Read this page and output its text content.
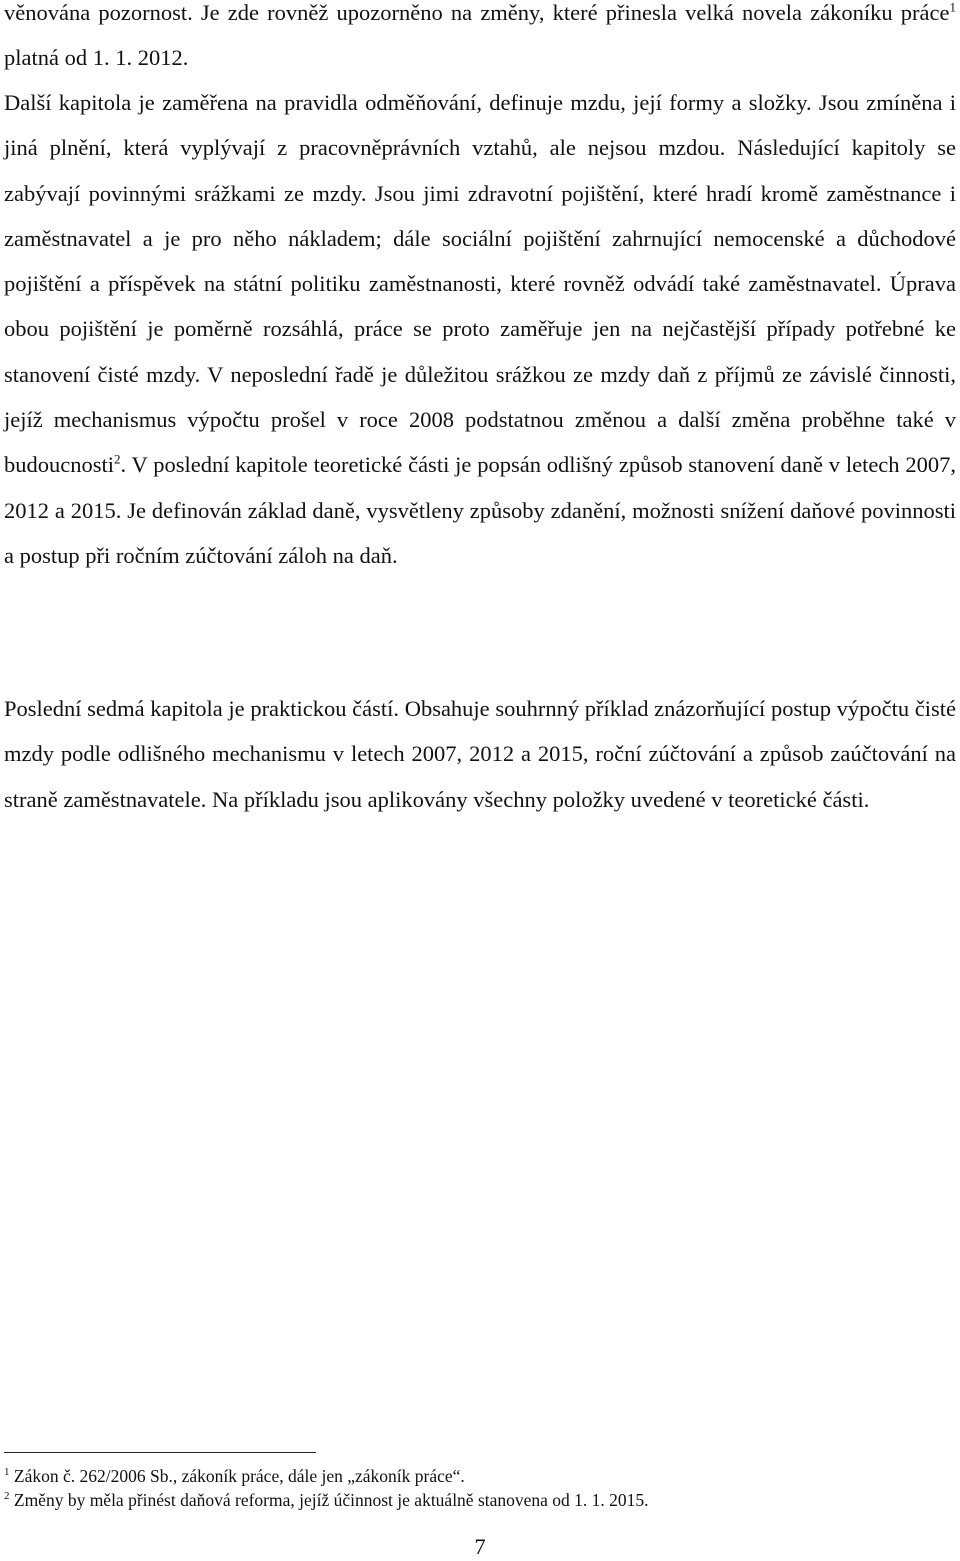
věnována pozornost. Je zde rovněž upozorněno na změny, které přinesla velká novela zákoníku práce$^1$ platná od 1. 1. 2012.

Další kapitola je zaměřena na pravidla odměňování, definuje mzdu, její formy a složky. Jsou zmíněna i jiná plnění, která vyplývají z pracovněprávních vztahů, ale nejsou mzdou. Následující kapitoly se zabývají povinnými srážkami ze mzdy. Jsou jimi zdravotní pojištění, které hradí kromě zaměstnance i zaměstnavatel a je pro něho nákladem; dále sociální pojištění zahrnující nemocenské a důchodové pojištění a příspěvek na státní politiku zaměstnanosti, které rovněž odvádí také zaměstnavatel. Úprava obou pojištění je poměrně rozsáhlá, práce se proto zaměřuje jen na nejčastější případy potřebné ke stanovení čisté mzdy. V neposlední řadě je důležitou srážkou ze mzdy daň z příjmů ze závislé činnosti, jejíž mechanismus výpočtu prošel v roce 2008 podstatnou změnou a další změna proběhne také v budoucnosti$^2$. V poslední kapitole teoretické části je popsán odlišný způsob stanovení daně v letech 2007, 2012 a 2015. Je definován základ daně, vysvětleny způsoby zdanění, možnosti snížení daňové povinnosti a postup při ročním zúčtování záloh na daň.

Poslední sedmá kapitola je praktickou částí. Obsahuje souhrnný příklad znázorňující postup výpočtu čisté mzdy podle odlišného mechanismu v letech 2007, 2012 a 2015, roční zúčtování a způsob zaúčtování na straně zaměstnavatele. Na příkladu jsou aplikovány všechny položky uvedené v teoretické části.

$^1$ Zákon č. 262/2006 Sb., zákoník práce, dále jen „zákoník práce“.
$^2$ Změny by měla přinést daňová reforma, jejíž účinnost je aktuálně stanovena od 1. 1. 2015.
7
